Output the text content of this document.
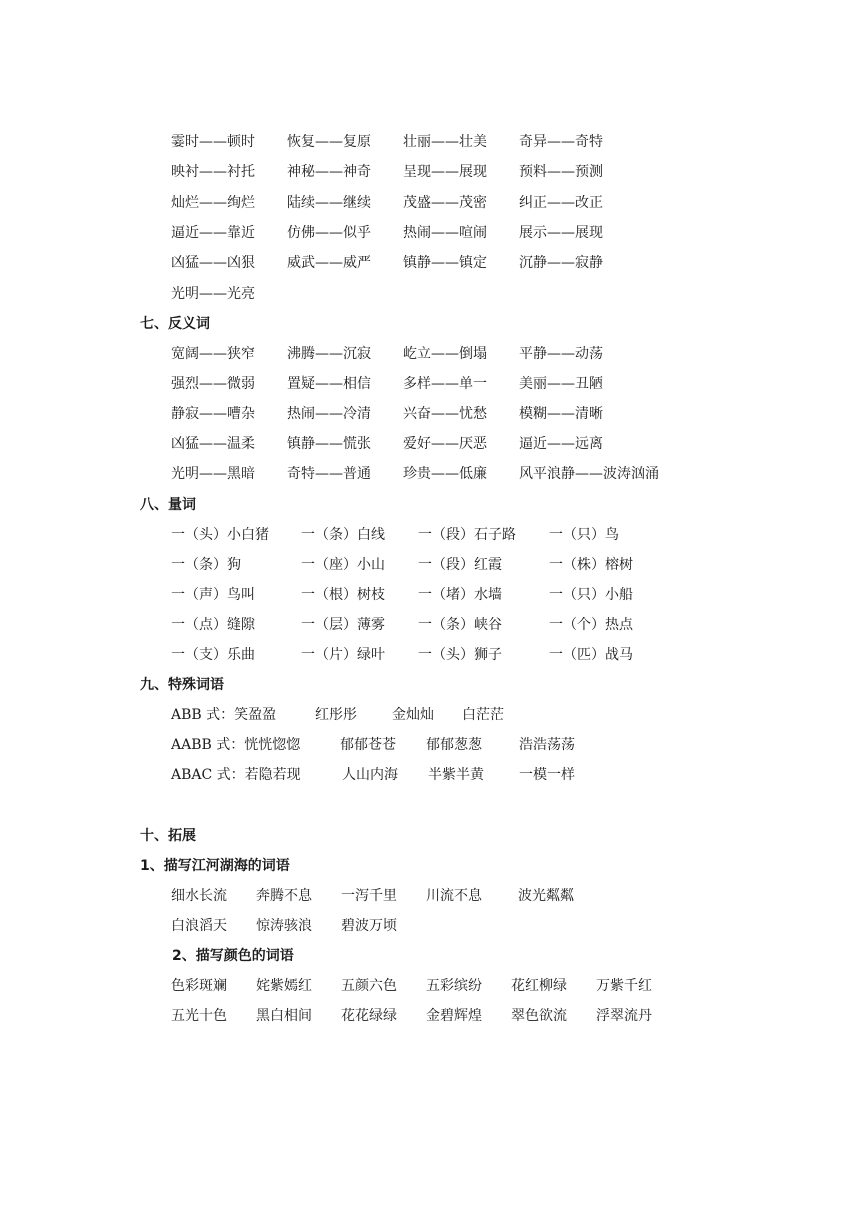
霎时——顿时 恢复——复原 壮丽——壮美 奇异——奇特
映衬——衬托 神秘——神奇 呈现——展现 预料——预测
灿烂——绚烂 陆续——继续 茂盛——茂密 纠正——改正
逼近——靠近 仿佛——似乎 热闹——喧闹 展示——展现
凶猛——凶狠 威武——威严 镇静——镇定 沉静——寂静
光明——光亮
七、反义词
宽阔——狭窄 沸腾——沉寂 屹立——倒塌 平静——动荡
强烈——微弱 置疑——相信 多样——单一 美丽——丑陋
静寂——嘈杂 热闹——冷清 兴奋——忧愁 模糊——清晰
凶猛——温柔 镇静——慌张 爱好——厌恶 逼近——远离
光明——黑暗 奇特——普通 珍贵——低廉 风平浪静——波涛汹涌
八、量词
一（头）小白猪 一（条）白线 一（段）石子路 一（只）鸟
一（条）狗	一（座）小山 一（段）红霞	一（株）榕树
一（声）鸟叫	一（根）树枝 一（堵）水墙	一（只）小船
一（点）缝隙	一（层）薄雾 一（条）峡谷	一（个）热点
一（支）乐曲	一（片）绿叶 一（头）狮子	一（匹）战马
九、特殊词语
ABB 式：笑盈盈	红彤彤	金灿灿 白茫茫
AABB 式：恍恍惚惚	郁郁苍苍 郁郁葱葱	浩浩荡荡
ABAC 式：若隐若现	人山内海 半紫半黄	一模一样
十、拓展
1、描写江河湖海的词语
细水长流 奔腾不息 一泻千里 川流不息	波光粼粼
白浪滔天 惊涛骇浪 碧波万顷
2、描写颜色的词语
色彩斑斓 姹紫嫣红 五颜六色 五彩缤纷 花红柳绿 万紫千红
五光十色 黑白相间 花花绿绿 金碧辉煌 翠色欲流 浮翠流丹
